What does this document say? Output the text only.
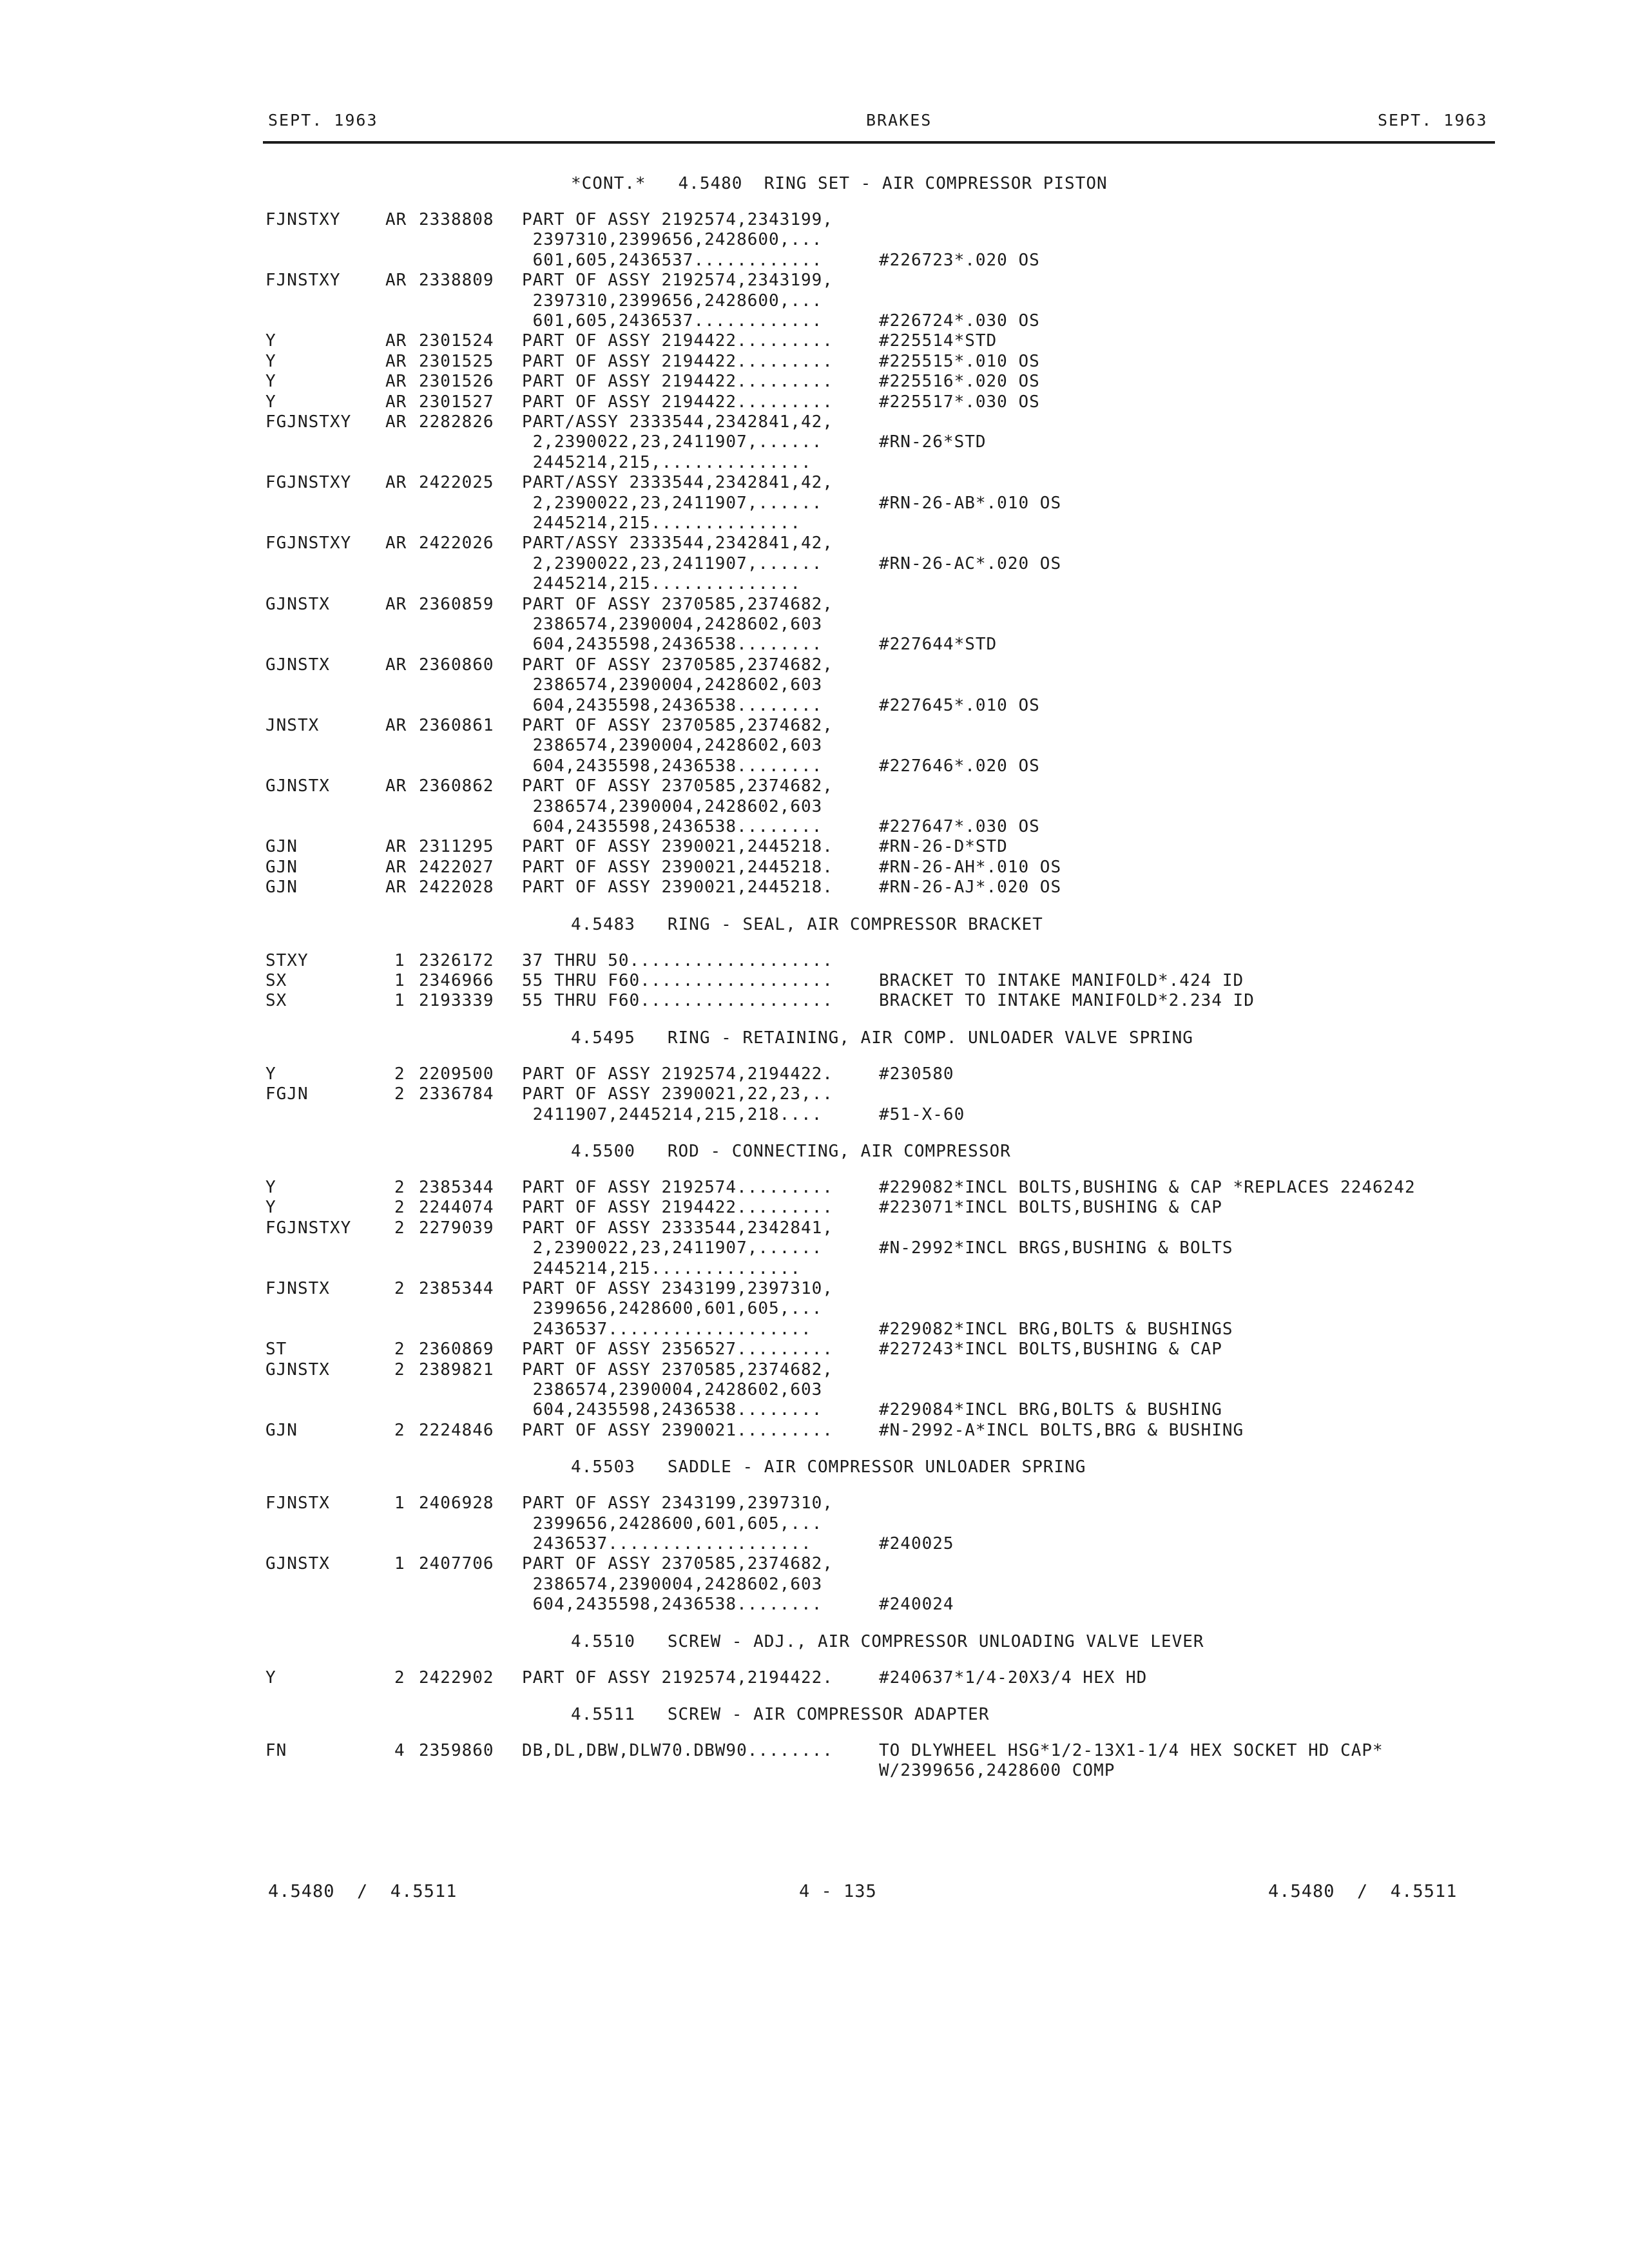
SEPT. 1963	BRAKES	SEPT. 1963
*CONT.*   4.5480  RING SET - AIR COMPRESSOR PISTON
FJNSTXY	AR 2338808 PART OF ASSY 2192574,2343199,
2397310,2399656,2428600,...
601,605,2436537............	#226723*.020 OS
FJNSTXY	AR 2338809 PART OF ASSY 2192574,2343199,
2397310,2399656,2428600,...
601,605,2436537............	#226724*.030 OS
Y	AR 2301524 PART OF ASSY 2194422.........	#225514*STD
Y	AR 2301525 PART OF ASSY 2194422.........	#225515*.010 OS
Y	AR 2301526 PART OF ASSY 2194422.........	#225516*.020 OS
Y	AR 2301527 PART OF ASSY 2194422.........	#225517*.030 OS
FGJNSTXY AR 2282826 PART/ASSY 2333544,2342841,42,
2,2390022,23,2411907,......	#RN-26*STD
2445214,215,..............
FGJNSTXY AR 2422025 PART/ASSY 2333544,2342841,42,
2,2390022,23,2411907,......	#RN-26-AB*.010 OS
2445214,215..............
FGJNSTXY AR 2422026 PART/ASSY 2333544,2342841,42,
2,2390022,23,2411907,......	#RN-26-AC*.020 OS
2445214,215..............
GJNSTX	AR 2360859 PART OF ASSY 2370585,2374682,
2386574,2390004,2428602,603
604,2435598,2436538........	#227644*STD
GJNSTX	AR 2360860 PART OF ASSY 2370585,2374682,
2386574,2390004,2428602,603
604,2435598,2436538........	#227645*.010 OS
JNSTX	AR 2360861 PART OF ASSY 2370585,2374682,
2386574,2390004,2428602,603
604,2435598,2436538........	#227646*.020 OS
GJNSTX	AR 2360862 PART OF ASSY 2370585,2374682,
2386574,2390004,2428602,603
604,2435598,2436538........	#227647*.030 OS
GJN	AR 2311295 PART OF ASSY 2390021,2445218.	#RN-26-D*STD
GJN	AR 2422027 PART OF ASSY 2390021,2445218.	#RN-26-AH*.010 OS
GJN	AR 2422028 PART OF ASSY 2390021,2445218.	#RN-26-AJ*.020 OS
4.5483   RING - SEAL, AIR COMPRESSOR BRACKET
STXY	1 2326172 37 THRU 50...................
SX	1 2346966 55 THRU F60..................	BRACKET TO INTAKE MANIFOLD*.424 ID
SX	1 2193339 55 THRU F60..................	BRACKET TO INTAKE MANIFOLD*2.234 ID
4.5495   RING - RETAINING, AIR COMP. UNLOADER VALVE SPRING
Y	2 2209500 PART OF ASSY 2192574,2194422.	#230580
FGJN	2 2336784 PART OF ASSY 2390021,22,23,..
2411907,2445214,215,218....	#51-X-60
4.5500   ROD - CONNECTING, AIR COMPRESSOR
Y	2 2385344 PART OF ASSY 2192574.........	#229082*INCL BOLTS,BUSHING & CAP *REPLACES 2246242
Y	2 2244074 PART OF ASSY 2194422.........	#223071*INCL BOLTS,BUSHING & CAP
FGJNSTXY	2 2279039 PART OF ASSY 2333544,2342841,
2,2390022,23,2411907,......	#N-2992*INCL BRGS,BUSHING & BOLTS
2445214,215..............
FJNSTX	2 2385344 PART OF ASSY 2343199,2397310,
2399656,2428600,601,605,...
2436537...................	#229082*INCL BRG,BOLTS & BUSHINGS
ST	2 2360869 PART OF ASSY 2356527.........	#227243*INCL BOLTS,BUSHING & CAP
GJNSTX	2 2389821 PART OF ASSY 2370585,2374682,
2386574,2390004,2428602,603
604,2435598,2436538........	#229084*INCL BRG,BOLTS & BUSHING
GJN	2 2224846 PART OF ASSY 2390021.........	#N-2992-A*INCL BOLTS,BRG & BUSHING
4.5503   SADDLE - AIR COMPRESSOR UNLOADER SPRING
FJNSTX	1 2406928 PART OF ASSY 2343199,2397310,
2399656,2428600,601,605,...
2436537...................	#240025
GJNSTX	1 2407706 PART OF ASSY 2370585,2374682,
2386574,2390004,2428602,603
604,2435598,2436538........	#240024
4.5510   SCREW - ADJ., AIR COMPRESSOR UNLOADING VALVE LEVER
Y	2 2422902 PART OF ASSY 2192574,2194422.	#240637*1/4-20X3/4 HEX HD
4.5511   SCREW - AIR COMPRESSOR ADAPTER
FN	4 2359860 DB,DL,DBW,DLW70.DBW90........	TO DLYWHEEL HSG*1/2-13X1-1/4 HEX SOCKET HD CAP*
W/2399656,2428600 COMP
4.5480  /  4.5511	4 - 135	4.5480  /  4.5511
